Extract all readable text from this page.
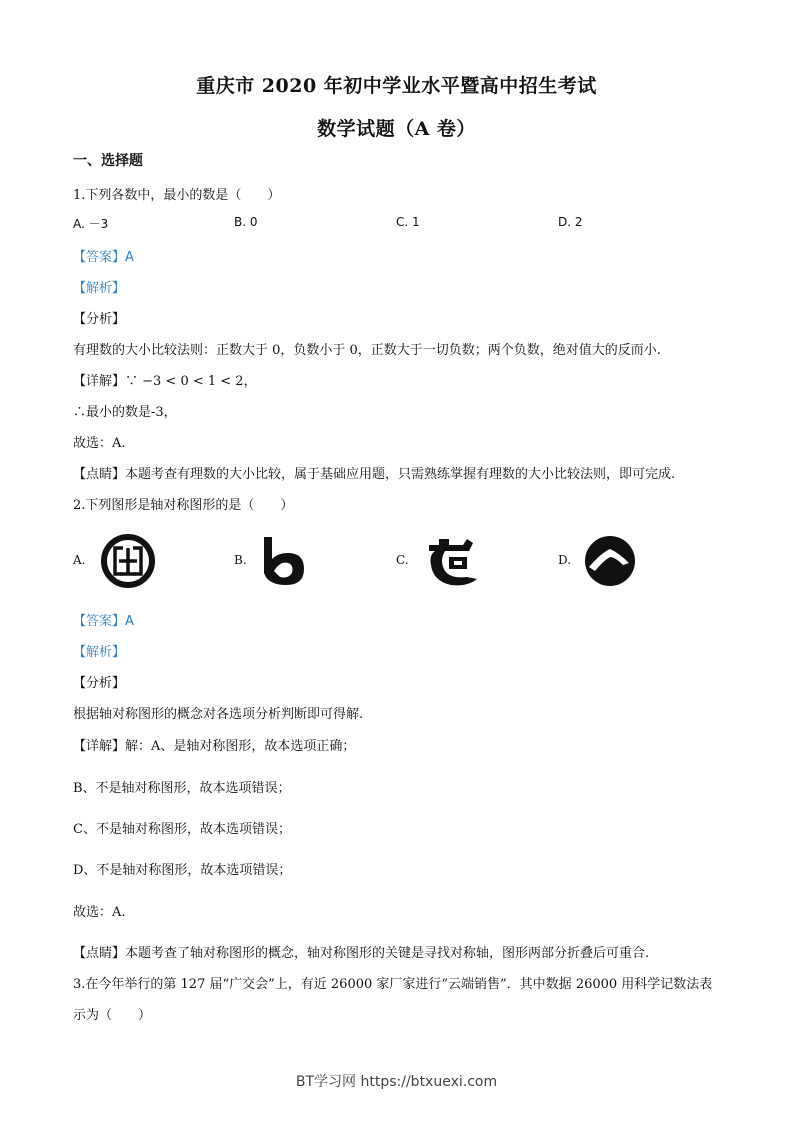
重庆市 2020 年初中学业水平暨高中招生考试
数学试题（A 卷）
一、选择题
1.下列各数中，最小的数是（　　）
A. －3	B. 0	C. 1	D. 2
【答案】A
【解析】
【分析】
有理数的大小比较法则：正数大于 0，负数小于 0，正数大于一切负数；两个负数，绝对值大的反而小.
【详解】∵ −3 < 0 < 1 < 2，
∴最小的数是-3，
故选：A.
【点睛】本题考查有理数的大小比较，属于基础应用题，只需熟练掌握有理数的大小比较法则，即可完成.
2.下列图形是轴对称图形的是（　　）
A.	B.	C.	D.
【答案】A
【解析】
【分析】
根据轴对称图形的概念对各选项分析判断即可得解.
【详解】解：A、是轴对称图形，故本选项正确；
B、不是轴对称图形，故本选项错误；
C、不是轴对称图形，故本选项错误；
D、不是轴对称图形，故本选项错误；
故选：A.
【点睛】本题考查了轴对称图形的概念，轴对称图形的关键是寻找对称轴，图形两部分折叠后可重合.
3.在今年举行的第 127 届“广交会”上，有近 26000 家厂家进行“云端销售”．其中数据 26000 用科学记数法表
示为（　　）
BT学习网 https://btxuexi.com
